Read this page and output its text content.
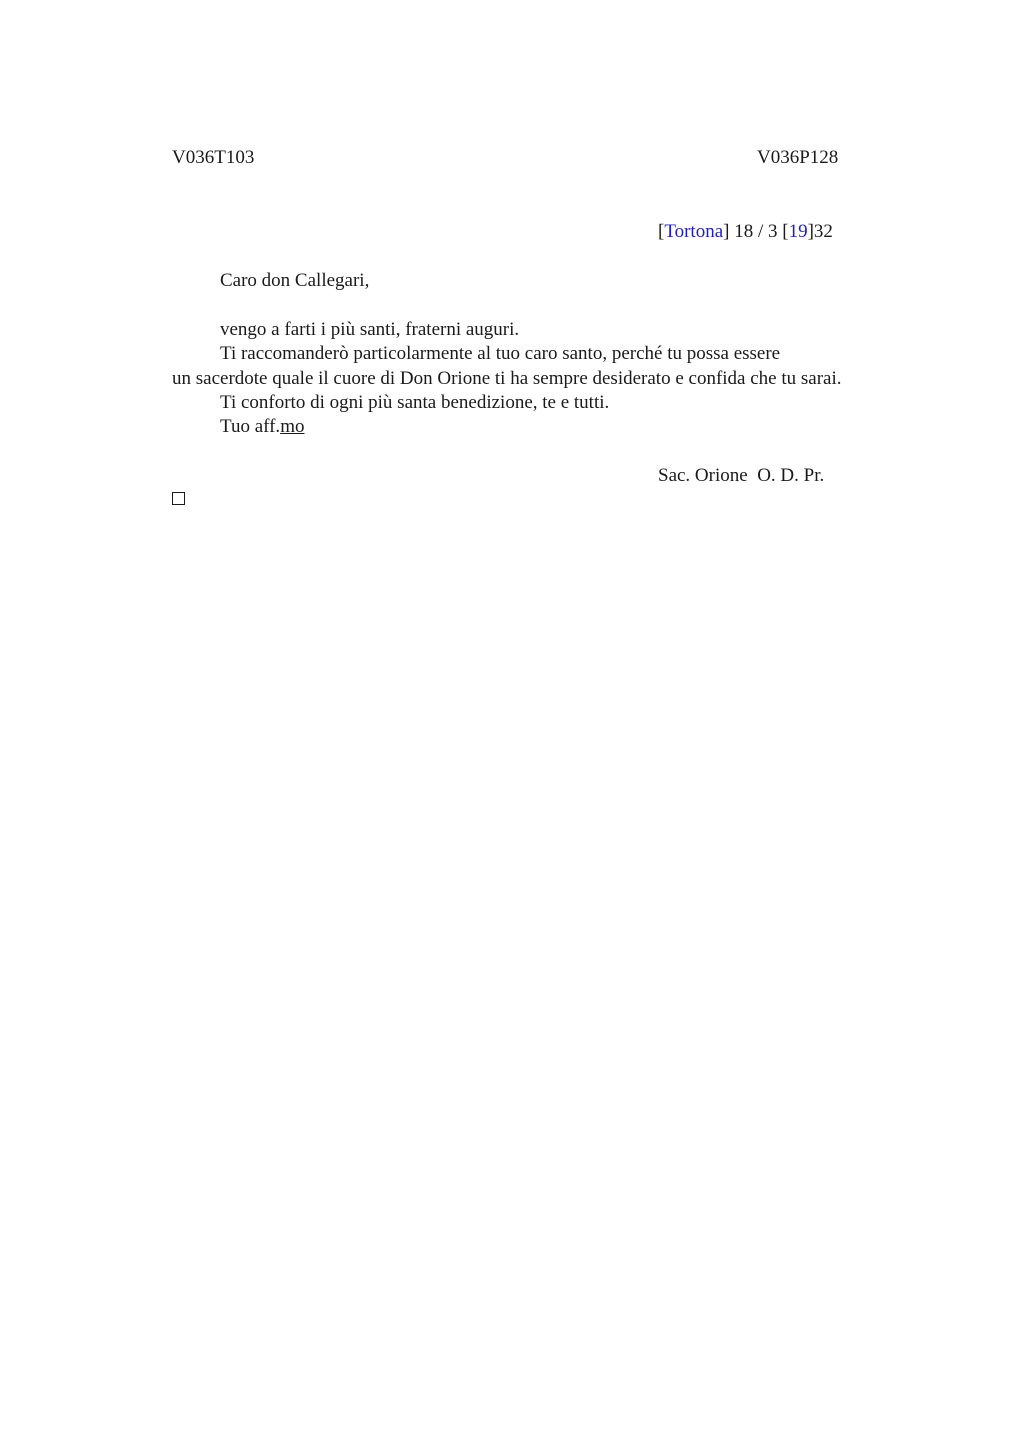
V036T103	V036P128
[Tortona] 18 / 3 [19]32
Caro don Callegari,
vengo a farti i più santi, fraterni auguri.
Ti raccomanderò particolarmente al tuo caro santo, perché tu possa essere
un sacerdote quale il cuore di Don Orione ti ha sempre desiderato e confida che tu sarai.
Ti conforto di ogni più santa benedizione, te e tutti.
Tuo aff.mo
Sac. Orione  O. D. Pr.
